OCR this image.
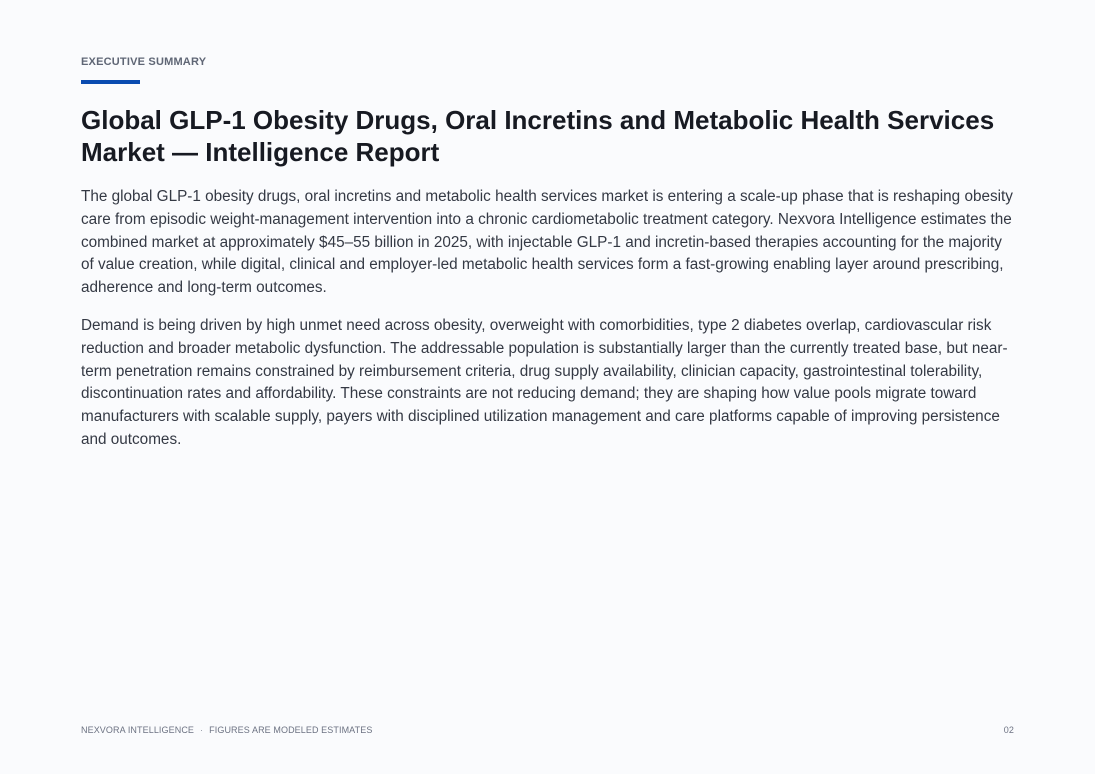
EXECUTIVE SUMMARY
Global GLP-1 Obesity Drugs, Oral Incretins and Metabolic Health Services Market — Intelligence Report

The global GLP-1 obesity drugs, oral incretins and metabolic health services market is entering a scale-up phase that is reshaping obesity care from episodic weight-management intervention into a chronic cardiometabolic treatment category. Nexvora Intelligence estimates the combined market at approximately $45–55 billion in 2025, with injectable GLP-1 and incretin-based therapies accounting for the majority of value creation, while digital, clinical and employer-led metabolic health services form a fast-growing enabling layer around prescribing, adherence and long-term outcomes.

Demand is being driven by high unmet need across obesity, overweight with comorbidities, type 2 diabetes overlap, cardiovascular risk reduction and broader metabolic dysfunction. The addressable population is substantially larger than the currently treated base, but near-term penetration remains constrained by reimbursement criteria, drug supply availability, clinician capacity, gastrointestinal tolerability, discontinuation rates and affordability. These constraints are not reducing demand; they are shaping how value pools migrate toward manufacturers with scalable supply, payers with disciplined utilization management and care platforms capable of improving persistence and outcomes.

NEXVORA INTELLIGENCE · FIGURES ARE MODELED ESTIMATES	02
